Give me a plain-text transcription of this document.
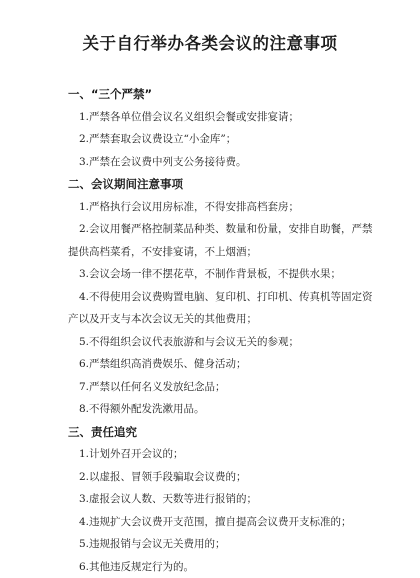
关于自行举办各类会议的注意事项
一、“三个严禁”
1.严禁各单位借会议名义组织会餐或安排宴请；
2.严禁套取会议费设立“小金库”；
3.严禁在会议费中列支公务接待费。
二、会议期间注意事项
1.严格执行会议用房标准，不得安排高档套房；
2.会议用餐严格控制菜品种类、数量和份量，安排自助餐，严禁提供高档菜肴，不安排宴请，不上烟酒；
3.会议会场一律不摆花草，不制作背景板，不提供水果；
4.不得使用会议费购置电脑、复印机、打印机、传真机等固定资产以及开支与本次会议无关的其他费用；
5.不得组织会议代表旅游和与会议无关的参观；
6.严禁组织高消费娱乐、健身活动；
7.严禁以任何名义发放纪念品；
8.不得额外配发洗漱用品。
三、责任追究
1.计划外召开会议的；
2.以虚报、冒领手段骗取会议费的；
3.虚报会议人数、天数等进行报销的；
4.违规扩大会议费开支范围，擅自提高会议费开支标准的；
5.违规报销与会议无关费用的；
6.其他违反规定行为的。
